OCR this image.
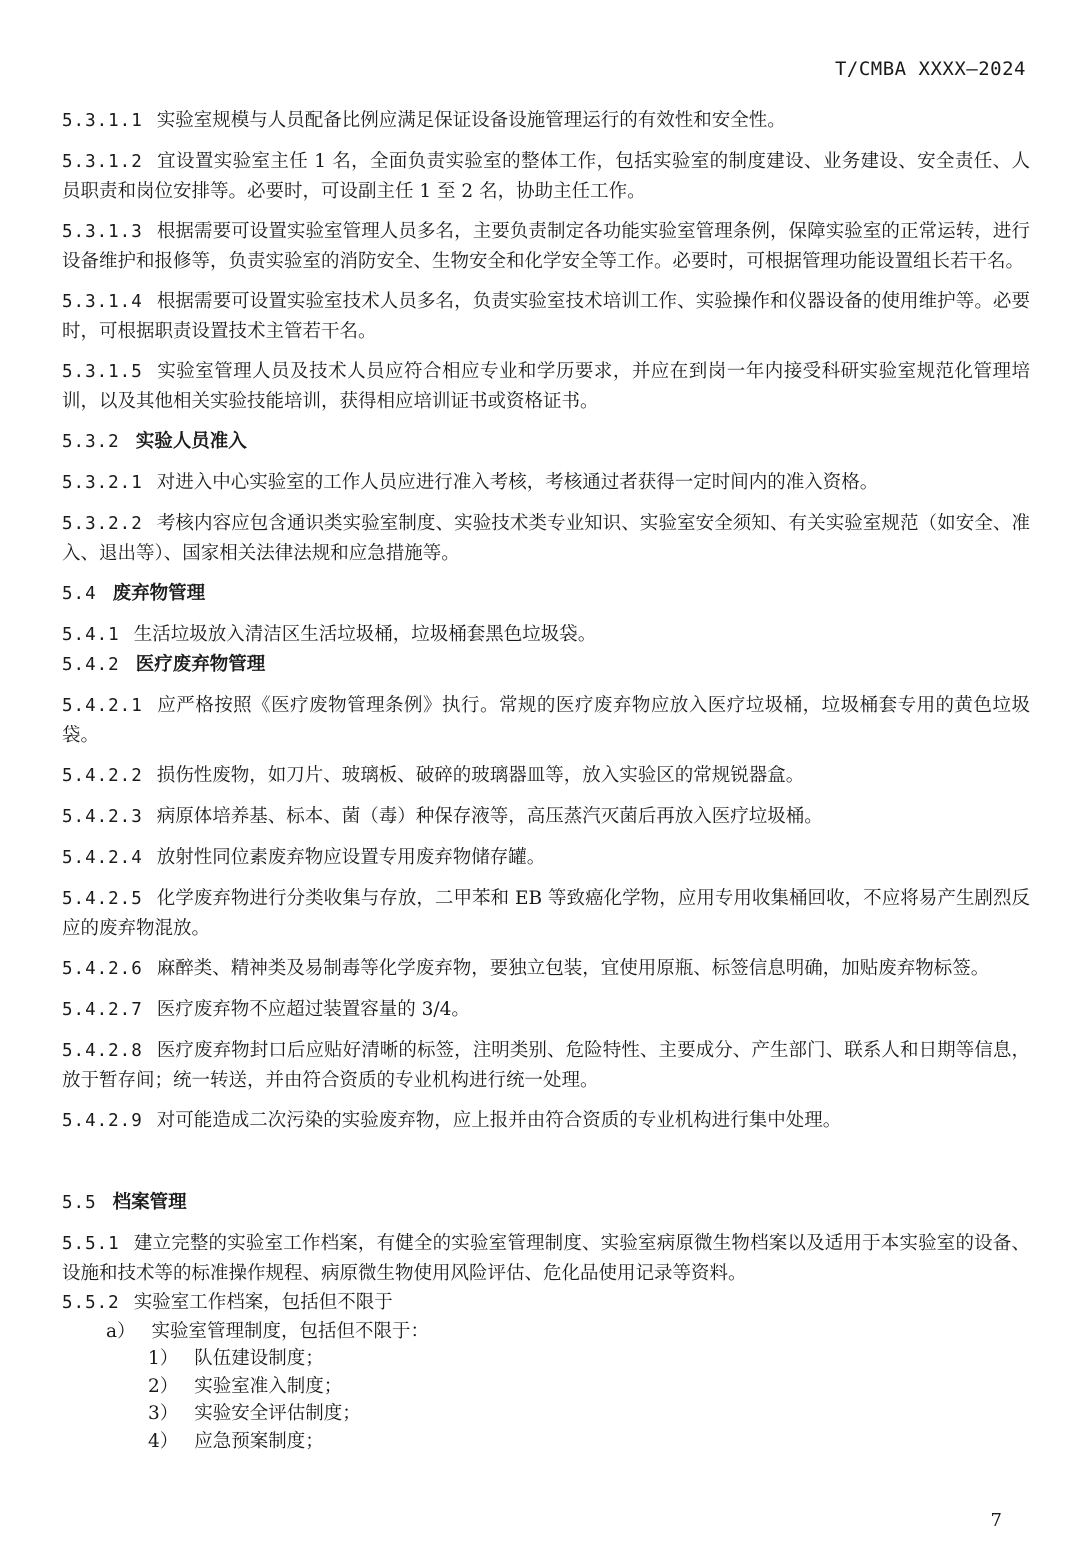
T/CMBA XXXX—2024
5.3.1.1 实验室规模与人员配备比例应满足保证设备设施管理运行的有效性和安全性。
5.3.1.2 宜设置实验室主任 1 名，全面负责实验室的整体工作，包括实验室的制度建设、业务建设、安全责任、人员职责和岗位安排等。必要时，可设副主任 1 至 2 名，协助主任工作。
5.3.1.3 根据需要可设置实验室管理人员多名，主要负责制定各功能实验室管理条例，保障实验室的正常运转，进行设备维护和报修等，负责实验室的消防安全、生物安全和化学安全等工作。必要时，可根据管理功能设置组长若干名。
5.3.1.4 根据需要可设置实验室技术人员多名，负责实验室技术培训工作、实验操作和仪器设备的使用维护等。必要时，可根据职责设置技术主管若干名。
5.3.1.5 实验室管理人员及技术人员应符合相应专业和学历要求，并应在到岗一年内接受科研实验室规范化管理培训，以及其他相关实验技能培训，获得相应培训证书或资格证书。
5.3.2 实验人员准入
5.3.2.1 对进入中心实验室的工作人员应进行准入考核，考核通过者获得一定时间内的准入资格。
5.3.2.2 考核内容应包含通识类实验室制度、实验技术类专业知识、实验室安全须知、有关实验室规范（如安全、准入、退出等）、国家相关法律法规和应急措施等。
5.4 废弃物管理
5.4.1 生活垃圾放入清洁区生活垃圾桶，垃圾桶套黑色垃圾袋。
5.4.2 医疗废弃物管理
5.4.2.1 应严格按照《医疗废物管理条例》执行。常规的医疗废弃物应放入医疗垃圾桶，垃圾桶套专用的黄色垃圾袋。
5.4.2.2 损伤性废物，如刀片、玻璃板、破碎的玻璃器皿等，放入实验区的常规锐器盒。
5.4.2.3 病原体培养基、标本、菌（毒）种保存液等，高压蒸汽灭菌后再放入医疗垃圾桶。
5.4.2.4 放射性同位素废弃物应设置专用废弃物储存罐。
5.4.2.5 化学废弃物进行分类收集与存放，二甲苯和 EB 等致癌化学物，应用专用收集桶回收，不应将易产生剧烈反应的废弃物混放。
5.4.2.6 麻醉类、精神类及易制毒等化学废弃物，要独立包装，宜使用原瓶、标签信息明确，加贴废弃物标签。
5.4.2.7 医疗废弃物不应超过装置容量的 3/4。
5.4.2.8 医疗废弃物封口后应贴好清晰的标签，注明类别、危险特性、主要成分、产生部门、联系人和日期等信息，放于暂存间；统一转送，并由符合资质的专业机构进行统一处理。
5.4.2.9 对可能造成二次污染的实验废弃物，应上报并由符合资质的专业机构进行集中处理。
5.5 档案管理
5.5.1 建立完整的实验室工作档案，有健全的实验室管理制度、实验室病原微生物档案以及适用于本实验室的设备、设施和技术等的标准操作规程、病原微生物使用风险评估、危化品使用记录等资料。
5.5.2 实验室工作档案，包括但不限于
a） 实验室管理制度，包括但不限于：
1） 队伍建设制度；
2） 实验室准入制度；
3） 实验安全评估制度；
4） 应急预案制度；
7
